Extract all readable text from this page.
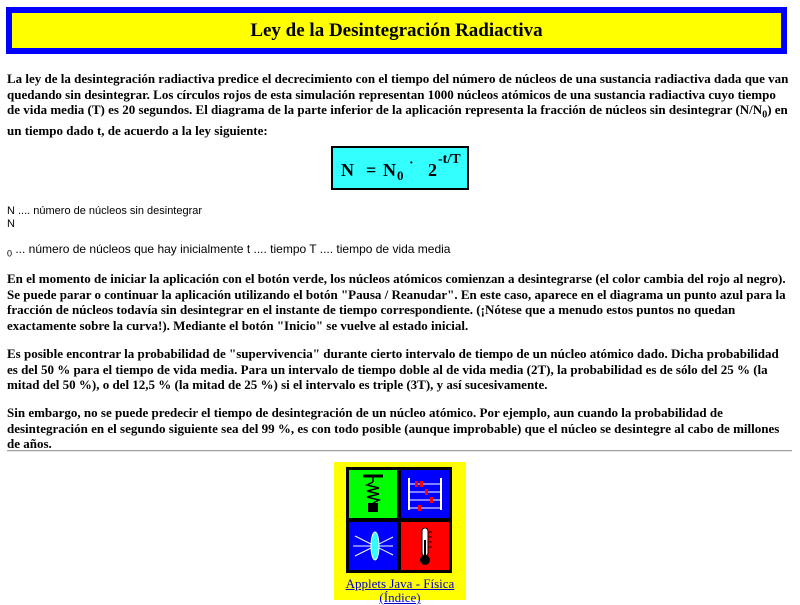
Ley de la Desintegración Radiactiva

La ley de la desintegración radiactiva predice el decrecimiento con el tiempo del número de núcleos de una sustancia radiactiva dada que van quedando sin desintegrar. Los círculos rojos de esta simulación representan 1000 núcleos atómicos de una sustancia radiactiva cuyo tiempo de vida media (T) es 20 segundos. El diagrama de la parte inferior de la aplicación representa la fracción de núcleos sin desintegrar $(N/N_0)$ en un tiempo dado t, de acuerdo a la ley siguiente:

N = N 0
· 2
-t/T

N .... número de núcleos sin desintegrar

N

$_0$ ... número de núcleos que hay inicialmente t .... tiempo T .... tiempo de vida media

En el momento de iniciar la aplicación con el botón verde, los núcleos atómicos comienzan a desintegrarse (el color cambia del rojo al negro). Se puede parar o continuar la aplicación utilizando el botón "Pausa / Reanudar". En este caso, aparece en el diagrama un punto azul para la fracción de núcleos todavía sin desintegrar en el instante de tiempo correspondiente. (¡Nótese que a menudo estos puntos no quedan exactamente sobre la curva!). Mediante el botón "Inicio" se vuelve al estado inicial.

Es posible encontrar la probabilidad de "supervivencia" durante cierto intervalo de tiempo de un núcleo atómico dado. Dicha probabilidad es del 50 % para el tiempo de vida media. Para un intervalo de tiempo doble al de vida media (2T), la probabilidad es de sólo del 25 % (la mitad del 50 %), o del 12,5 % (la mitad de 25 %) si el intervalo es triple (3T), y así sucesivamente.

Sin embargo, no se puede predecir el tiempo de desintegración de un núcleo atómico. Por ejemplo, aun cuando la probabilidad de desintegración en el segundo siguiente sea del 99 %, es con todo posible (aunque improbable) que el núcleo se desintegre al cabo de millones de años.

Applets Java - Física
(Índice)
